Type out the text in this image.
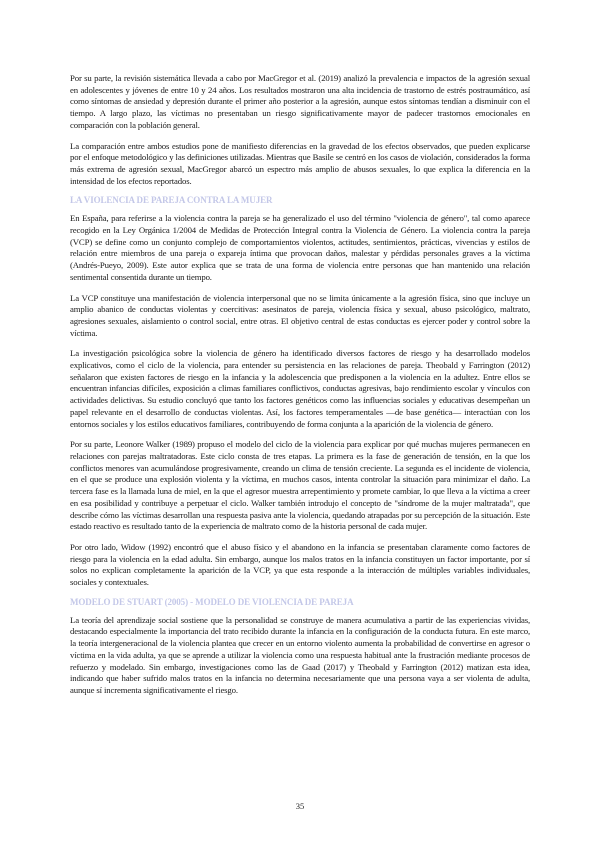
Por su parte, la revisión sistemática llevada a cabo por MacGregor et al. (2019) analizó la prevalencia e impactos de la agresión sexual en adolescentes y jóvenes de entre 10 y 24 años. Los resultados mostraron una alta incidencia de trastorno de estrés postraumático, así como síntomas de ansiedad y depresión durante el primer año posterior a la agresión, aunque estos síntomas tendían a disminuir con el tiempo. A largo plazo, las víctimas no presentaban un riesgo significativamente mayor de padecer trastornos emocionales en comparación con la población general.

La comparación entre ambos estudios pone de manifiesto diferencias en la gravedad de los efectos observados, que pueden explicarse por el enfoque metodológico y las definiciones utilizadas. Mientras que Basile se centró en los casos de violación, considerados la forma más extrema de agresión sexual, MacGregor abarcó un espectro más amplio de abusos sexuales, lo que explica la diferencia en la intensidad de los efectos reportados.

LA VIOLENCIA DE PAREJA CONTRA LA MUJER

En España, para referirse a la violencia contra la pareja se ha generalizado el uso del término "violencia de género", tal como aparece recogido en la Ley Orgánica 1/2004 de Medidas de Protección Integral contra la Violencia de Género. La violencia contra la pareja (VCP) se define como un conjunto complejo de comportamientos violentos, actitudes, sentimientos, prácticas, vivencias y estilos de relación entre miembros de una pareja o expareja íntima que provocan daños, malestar y pérdidas personales graves a la víctima (Andrés-Pueyo, 2009). Este autor explica que se trata de una forma de violencia entre personas que han mantenido una relación sentimental consentida durante un tiempo.

La VCP constituye una manifestación de violencia interpersonal que no se limita únicamente a la agresión física, sino que incluye un amplio abanico de conductas violentas y coercitivas: asesinatos de pareja, violencia física y sexual, abuso psicológico, maltrato, agresiones sexuales, aislamiento o control social, entre otras. El objetivo central de estas conductas es ejercer poder y control sobre la víctima.

La investigación psicológica sobre la violencia de género ha identificado diversos factores de riesgo y ha desarrollado modelos explicativos, como el ciclo de la violencia, para entender su persistencia en las relaciones de pareja. Theobald y Farrington (2012) señalaron que existen factores de riesgo en la infancia y la adolescencia que predisponen a la violencia en la adultez. Entre ellos se encuentran infancias difíciles, exposición a climas familiares conflictivos, conductas agresivas, bajo rendimiento escolar y vínculos con actividades delictivas. Su estudio concluyó que tanto los factores genéticos como las influencias sociales y educativas desempeñan un papel relevante en el desarrollo de conductas violentas. Así, los factores temperamentales —de base genética— interactúan con los entornos sociales y los estilos educativos familiares, contribuyendo de forma conjunta a la aparición de la violencia de género.

Por su parte, Leonore Walker (1989) propuso el modelo del ciclo de la violencia para explicar por qué muchas mujeres permanecen en relaciones con parejas maltratadoras. Este ciclo consta de tres etapas. La primera es la fase de generación de tensión, en la que los conflictos menores van acumulándose progresivamente, creando un clima de tensión creciente. La segunda es el incidente de violencia, en el que se produce una explosión violenta y la víctima, en muchos casos, intenta controlar la situación para minimizar el daño. La tercera fase es la llamada luna de miel, en la que el agresor muestra arrepentimiento y promete cambiar, lo que lleva a la víctima a creer en esa posibilidad y contribuye a perpetuar el ciclo. Walker también introdujo el concepto de "síndrome de la mujer maltratada", que describe cómo las víctimas desarrollan una respuesta pasiva ante la violencia, quedando atrapadas por su percepción de la situación. Este estado reactivo es resultado tanto de la experiencia de maltrato como de la historia personal de cada mujer.

Por otro lado, Widow (1992) encontró que el abuso físico y el abandono en la infancia se presentaban claramente como factores de riesgo para la violencia en la edad adulta. Sin embargo, aunque los malos tratos en la infancia constituyen un factor importante, por sí solos no explican completamente la aparición de la VCP, ya que esta responde a la interacción de múltiples variables individuales, sociales y contextuales.

MODELO DE STUART (2005) - MODELO DE VIOLENCIA DE PAREJA

La teoría del aprendizaje social sostiene que la personalidad se construye de manera acumulativa a partir de las experiencias vividas, destacando especialmente la importancia del trato recibido durante la infancia en la configuración de la conducta futura. En este marco, la teoría intergeneracional de la violencia plantea que crecer en un entorno violento aumenta la probabilidad de convertirse en agresor o víctima en la vida adulta, ya que se aprende a utilizar la violencia como una respuesta habitual ante la frustración mediante procesos de refuerzo y modelado. Sin embargo, investigaciones como las de Gaad (2017) y Theobald y Farrington (2012) matizan esta idea, indicando que haber sufrido malos tratos en la infancia no determina necesariamente que una persona vaya a ser violenta de adulta, aunque sí incrementa significativamente el riesgo.

35
